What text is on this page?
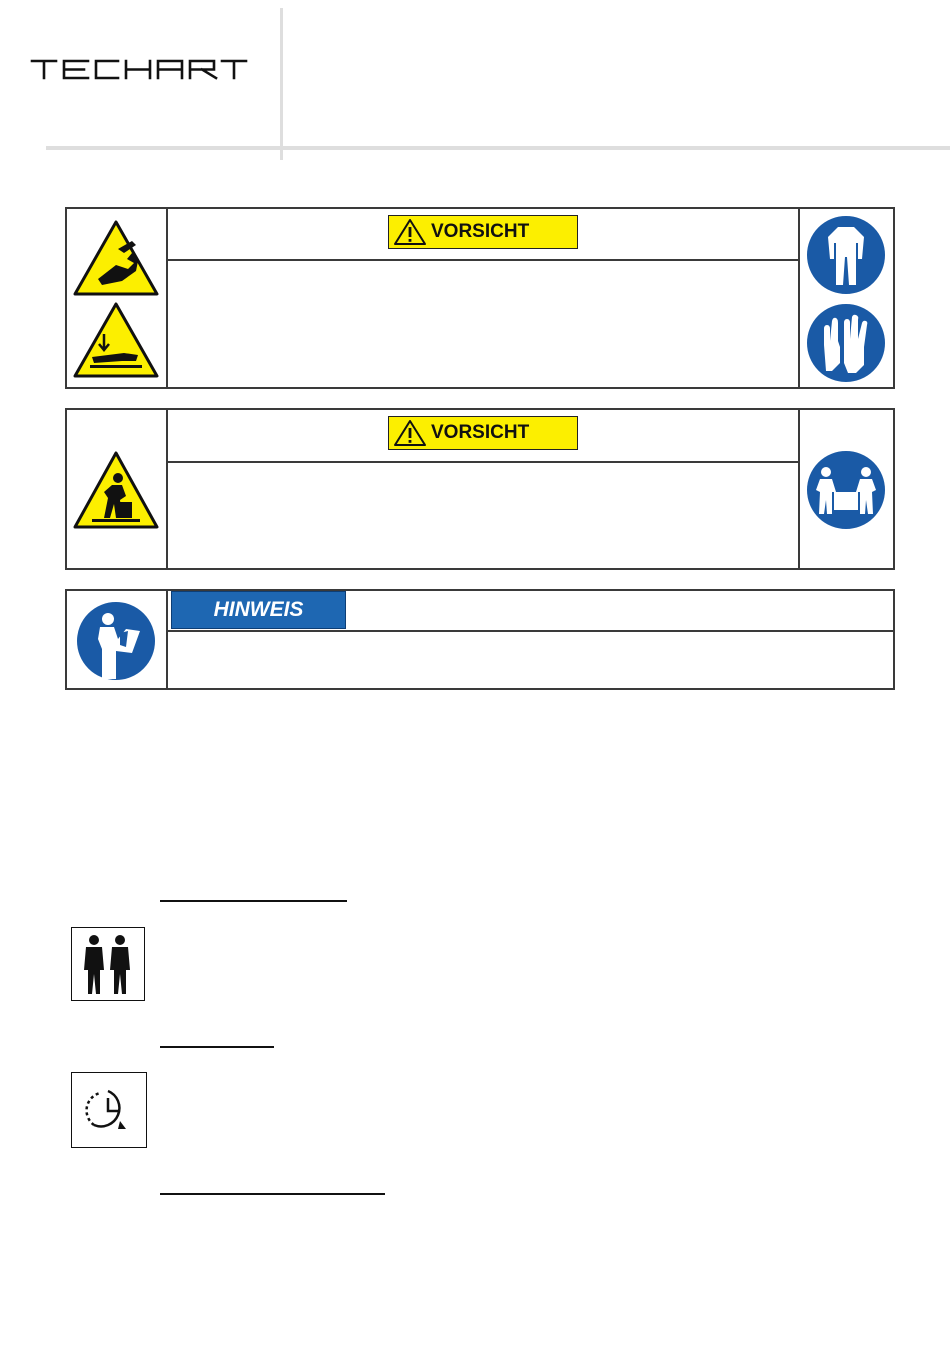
VORSICHT
VORSICHT
HINWEIS
